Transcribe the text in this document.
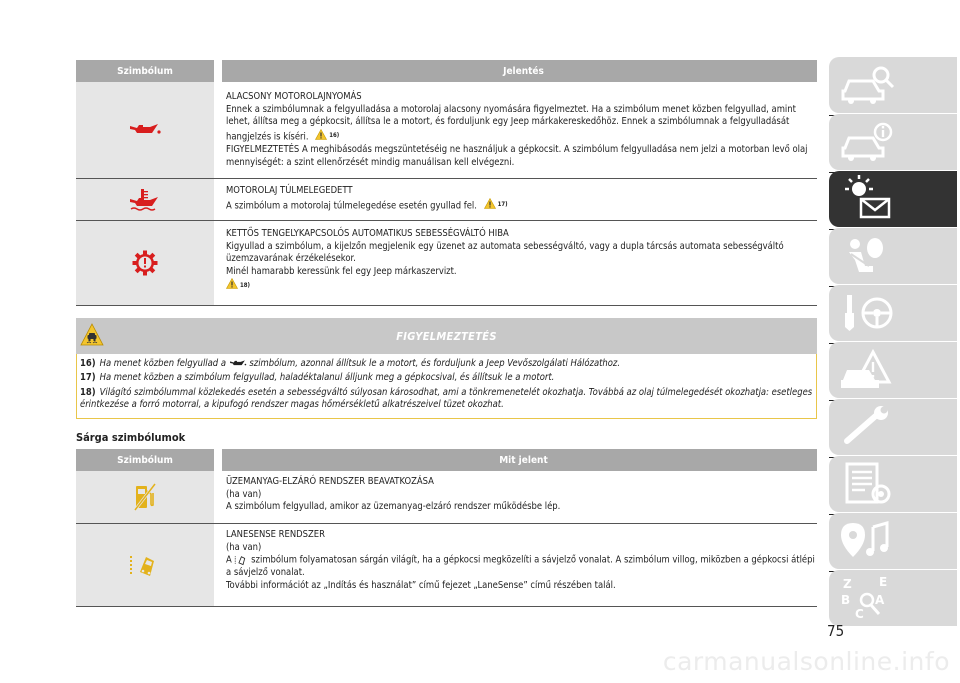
Szimbólum	Jelentés
ALACSONY MOTOROLAJNYOMÁS
Ennek a szimbólumnak a felgyulladása a motorolaj alacsony nyomására figyelmeztet. Ha a szimbólum menet közben felgyullad, amint lehet, állítsa meg a gépkocsit, állítsa le a motort, és forduljunk egy Jeep márkakereskedőhöz. Ennek a szimbólumnak a felgyulladását hangjelzés is kíséri.	16)
FIGYELMEZTETÉS A meghibásodás megszüntetéséig ne használjuk a gépkocsit. A szimbólum felgyulladása nem jelzi a motorban levő olaj mennyiségét: a szint ellenőrzését mindig manuálisan kell elvégezni.
MOTOROLAJ TÚLMELEGEDETT
A szimbólum a motorolaj túlmelegedése esetén gyullad fel.	17)
KETTŐS TENGELYKAPCSOLÓS AUTOMATIKUS SEBESSÉGVÁLTÓ HIBA
Kigyullad a szimbólum, a kijelzőn megjelenik egy üzenet az automata sebességváltó, vagy a dupla tárcsás automata sebességváltó üzemzavarának érzékelésekor.
Minél hamarabb keressünk fel egy Jeep márkaszervizt.
18)
FIGYELMEZTETÉS

16) Ha menet közben felgyullad a szimbólum, azonnal állítsuk le a motort, és forduljunk a Jeep Vevőszolgálati Hálózathoz.

17) Ha menet közben a szimbólum felgyullad, haladéktalanul álljunk meg a gépkocsival, és állítsuk le a motort.

18) Világító szimbólummal közlekedés esetén a sebességváltó súlyosan károsodhat, ami a tönkremenetelét okozhatja. Továbbá az olaj túlmelegedését okozhatja: esetleges érintkezése a forró motorral, a kipufogó rendszer magas hőmérsékletű alkatrészeivel tüzet okozhat.

Sárga szimbólumok
Szimbólum	Mit jelent
ÜZEMANYAG-ELZÁRÓ RENDSZER BEAVATKOZÁSA
(ha van)
A szimbólum felgyullad, amikor az üzemanyag-elzáró rendszer működésbe lép.
LANESENSE RENDSZER
(ha van)
A szimbólum folyamatosan sárgán világít, ha a gépkocsi megközelíti a sávjelző vonalat. A szimbólum villog, miközben a gépkocsi átlépi a sávjelző vonalat.
További információt az „Indítás és használat” című fejezet „LaneSense” című részében talál.	Z E
B A
C
75
carmanualsonline.info
